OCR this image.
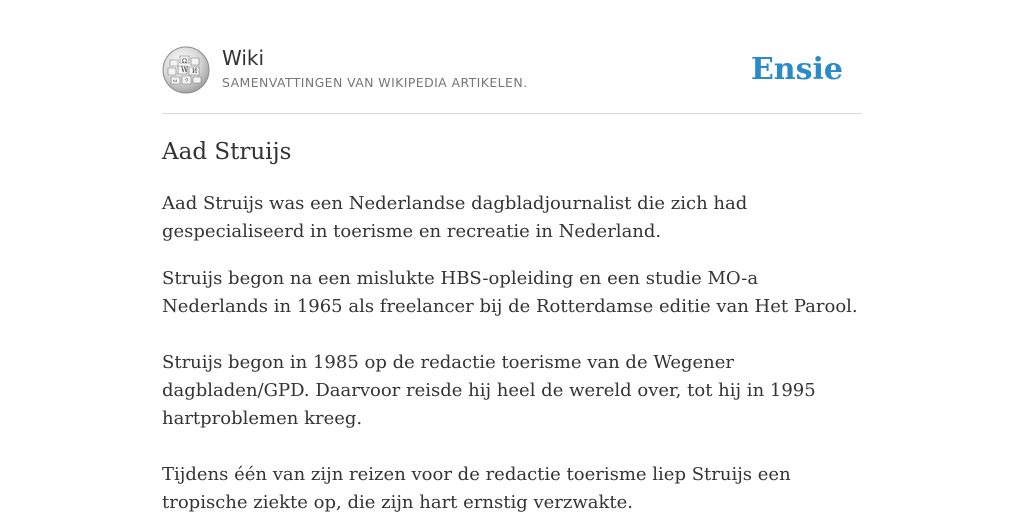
Ω
W И
ω ウ
Wiki
SAMENVATTINGEN VAN WIKIPEDIA ARTIKELEN.	Ensie
Aad Struijs

Aad Struijs was een Nederlandse dagbladjournalist die zich had gespecialiseerd in toerisme en recreatie in Nederland.

Struijs begon na een mislukte HBS-opleiding en een studie MO-a Nederlands in 1965 als freelancer bij de Rotterdamse editie van Het Parool.

Struijs begon in 1985 op de redactie toerisme van de Wegener dagbladen/GPD. Daarvoor reisde hij heel de wereld over, tot hij in 1995 hartproblemen kreeg.

Tijdens één van zijn reizen voor de redactie toerisme liep Struijs een tropische ziekte op, die zijn hart ernstig verzwakte.
